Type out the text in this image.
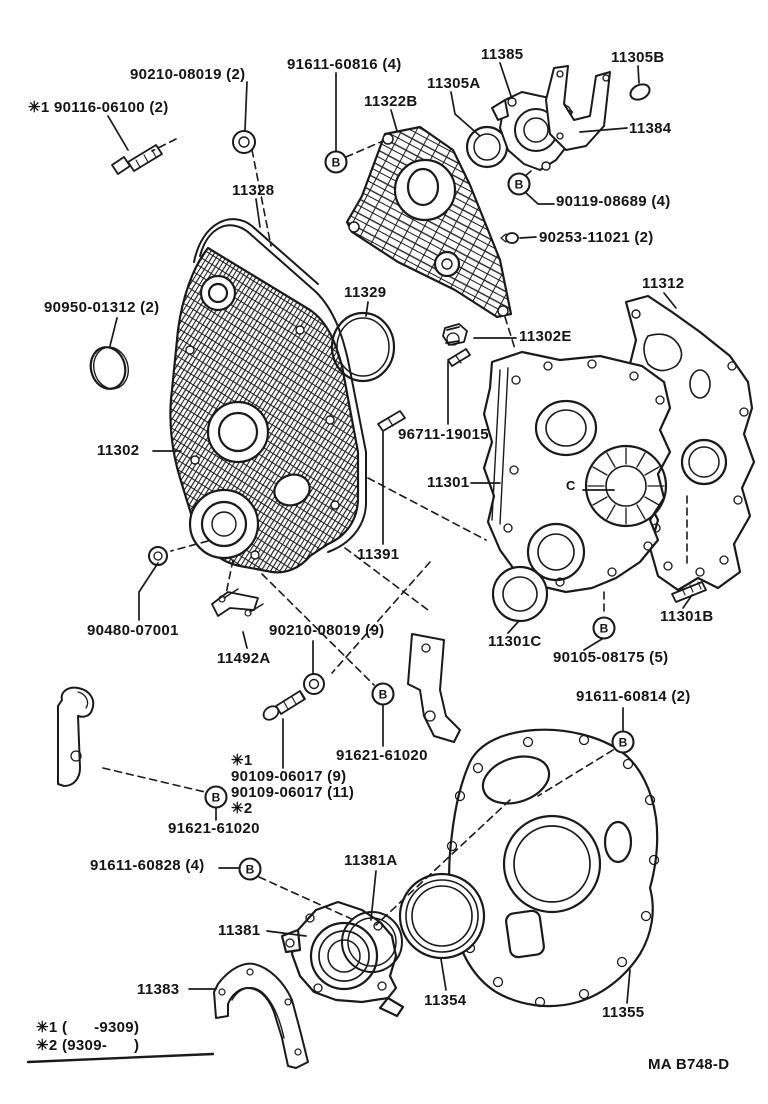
B
B
B
B
B
B
B
90210-08019 (2)
✳1 90116-06100 (2)
91611-60816 (4)
11322B
11305A
11385	11305B
11384
90119-08689 (4)
90253-11021 (2)
11328
11312
90950-01312 (2)
11329
11302E
96711-19015
11302
11301	C
11391
11301B
90480-07001
11492A
90210-08019 (9)
11301C
90105-08175 (5)
91611-60814 (2)
91621-61020
✳1
90109-06017 (9)
90109-06017 (11)
✳2
91621-61020
91611-60828 (4)	11381A
11381
11383
11354
11355
✳1 (      -9309)
✳2 (9309-      )
MA B748-D
